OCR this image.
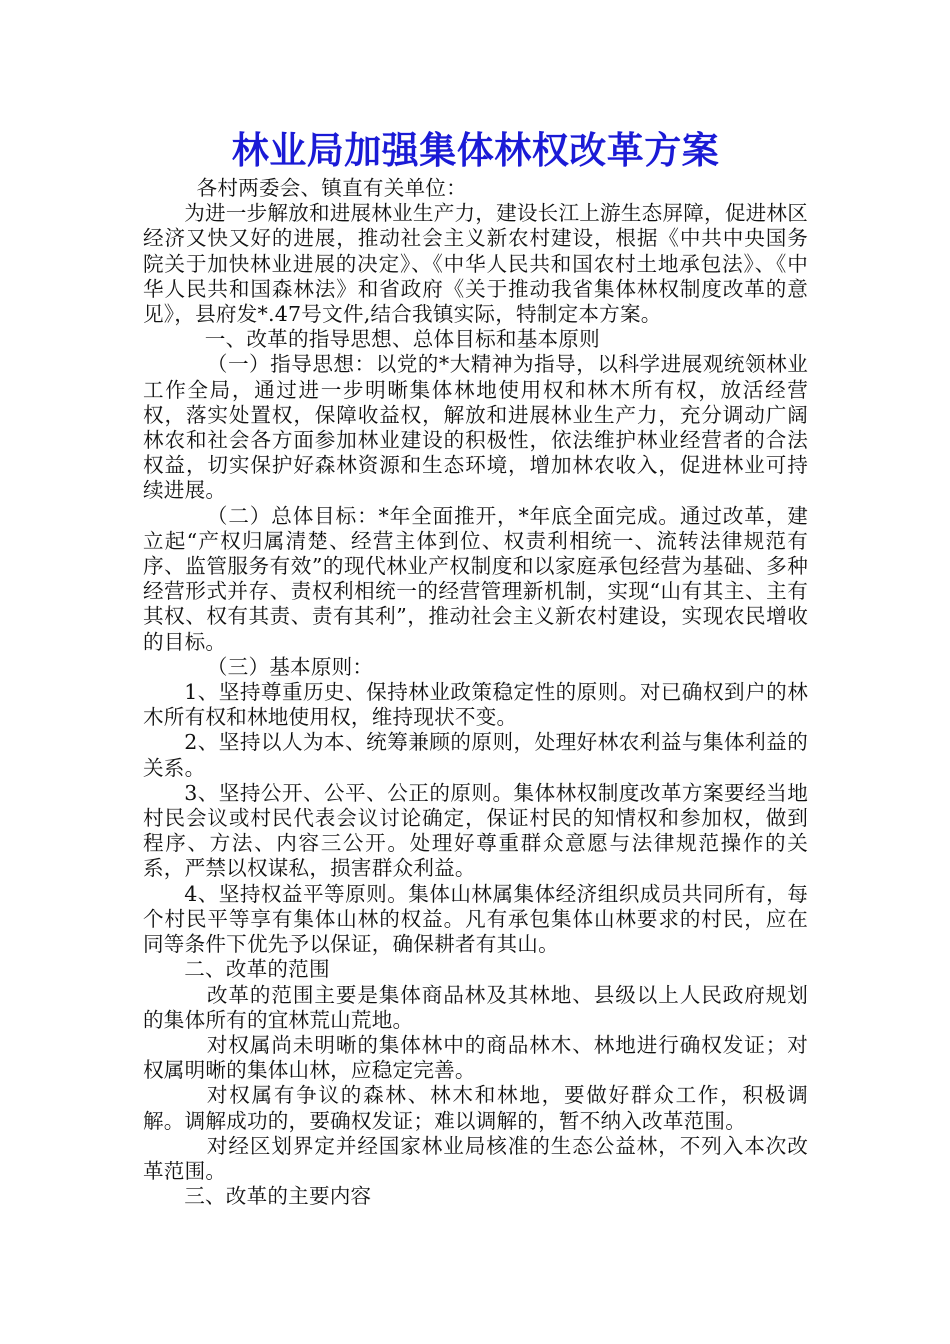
林业局加强集体林权改革方案

各村两委会、镇直有关单位：

为进一步解放和进展林业生产力，建设长江上游生态屏障，促进林区经济又快又好的进展，推动社会主义新农村建设，根据《中共中央国务院关于加快林业进展的决定》、《中华人民共和国农村土地承包法》、《中华人民共和国森林法》和省政府《关于推动我省集体林权制度改革的意见》，县府发*.47号文件,结合我镇实际，特制定本方案。

一、改革的指导思想、总体目标和基本原则

（一）指导思想：以党的*大精神为指导，以科学进展观统领林业工作全局，通过进一步明晰集体林地使用权和林木所有权，放活经营权，落实处置权，保障收益权，解放和进展林业生产力，充分调动广阔林农和社会各方面参加林业建设的积极性，依法维护林业经营者的合法权益，切实保护好森林资源和生态环境，增加林农收入，促进林业可持续进展。

（二）总体目标：*年全面推开，*年底全面完成。通过改革，建立起“产权归属清楚、经营主体到位、权责利相统一、流转法律规范有序、监管服务有效”的现代林业产权制度和以家庭承包经营为基础、多种经营形式并存、责权利相统一的经营管理新机制，实现“山有其主、主有其权、权有其责、责有其利”，推动社会主义新农村建设，实现农民增收的目标。

（三）基本原则：

1、坚持尊重历史、保持林业政策稳定性的原则。对已确权到户的林木所有权和林地使用权，维持现状不变。

2、坚持以人为本、统筹兼顾的原则，处理好林农利益与集体利益的关系。

3、坚持公开、公平、公正的原则。集体林权制度改革方案要经当地村民会议或村民代表会议讨论确定，保证村民的知情权和参加权，做到程序、方法、内容三公开。处理好尊重群众意愿与法律规范操作的关系，严禁以权谋私，损害群众利益。

4、坚持权益平等原则。集体山林属集体经济组织成员共同所有，每个村民平等享有集体山林的权益。凡有承包集体山林要求的村民，应在同等条件下优先予以保证，确保耕者有其山。

二、改革的范围

改革的范围主要是集体商品林及其林地、县级以上人民政府规划的集体所有的宜林荒山荒地。

对权属尚未明晰的集体林中的商品林木、林地进行确权发证；对权属明晰的集体山林，应稳定完善。

对权属有争议的森林、林木和林地，要做好群众工作，积极调解。调解成功的，要确权发证；难以调解的，暂不纳入改革范围。

对经区划界定并经国家林业局核准的生态公益林，不列入本次改革范围。

三、改革的主要内容
